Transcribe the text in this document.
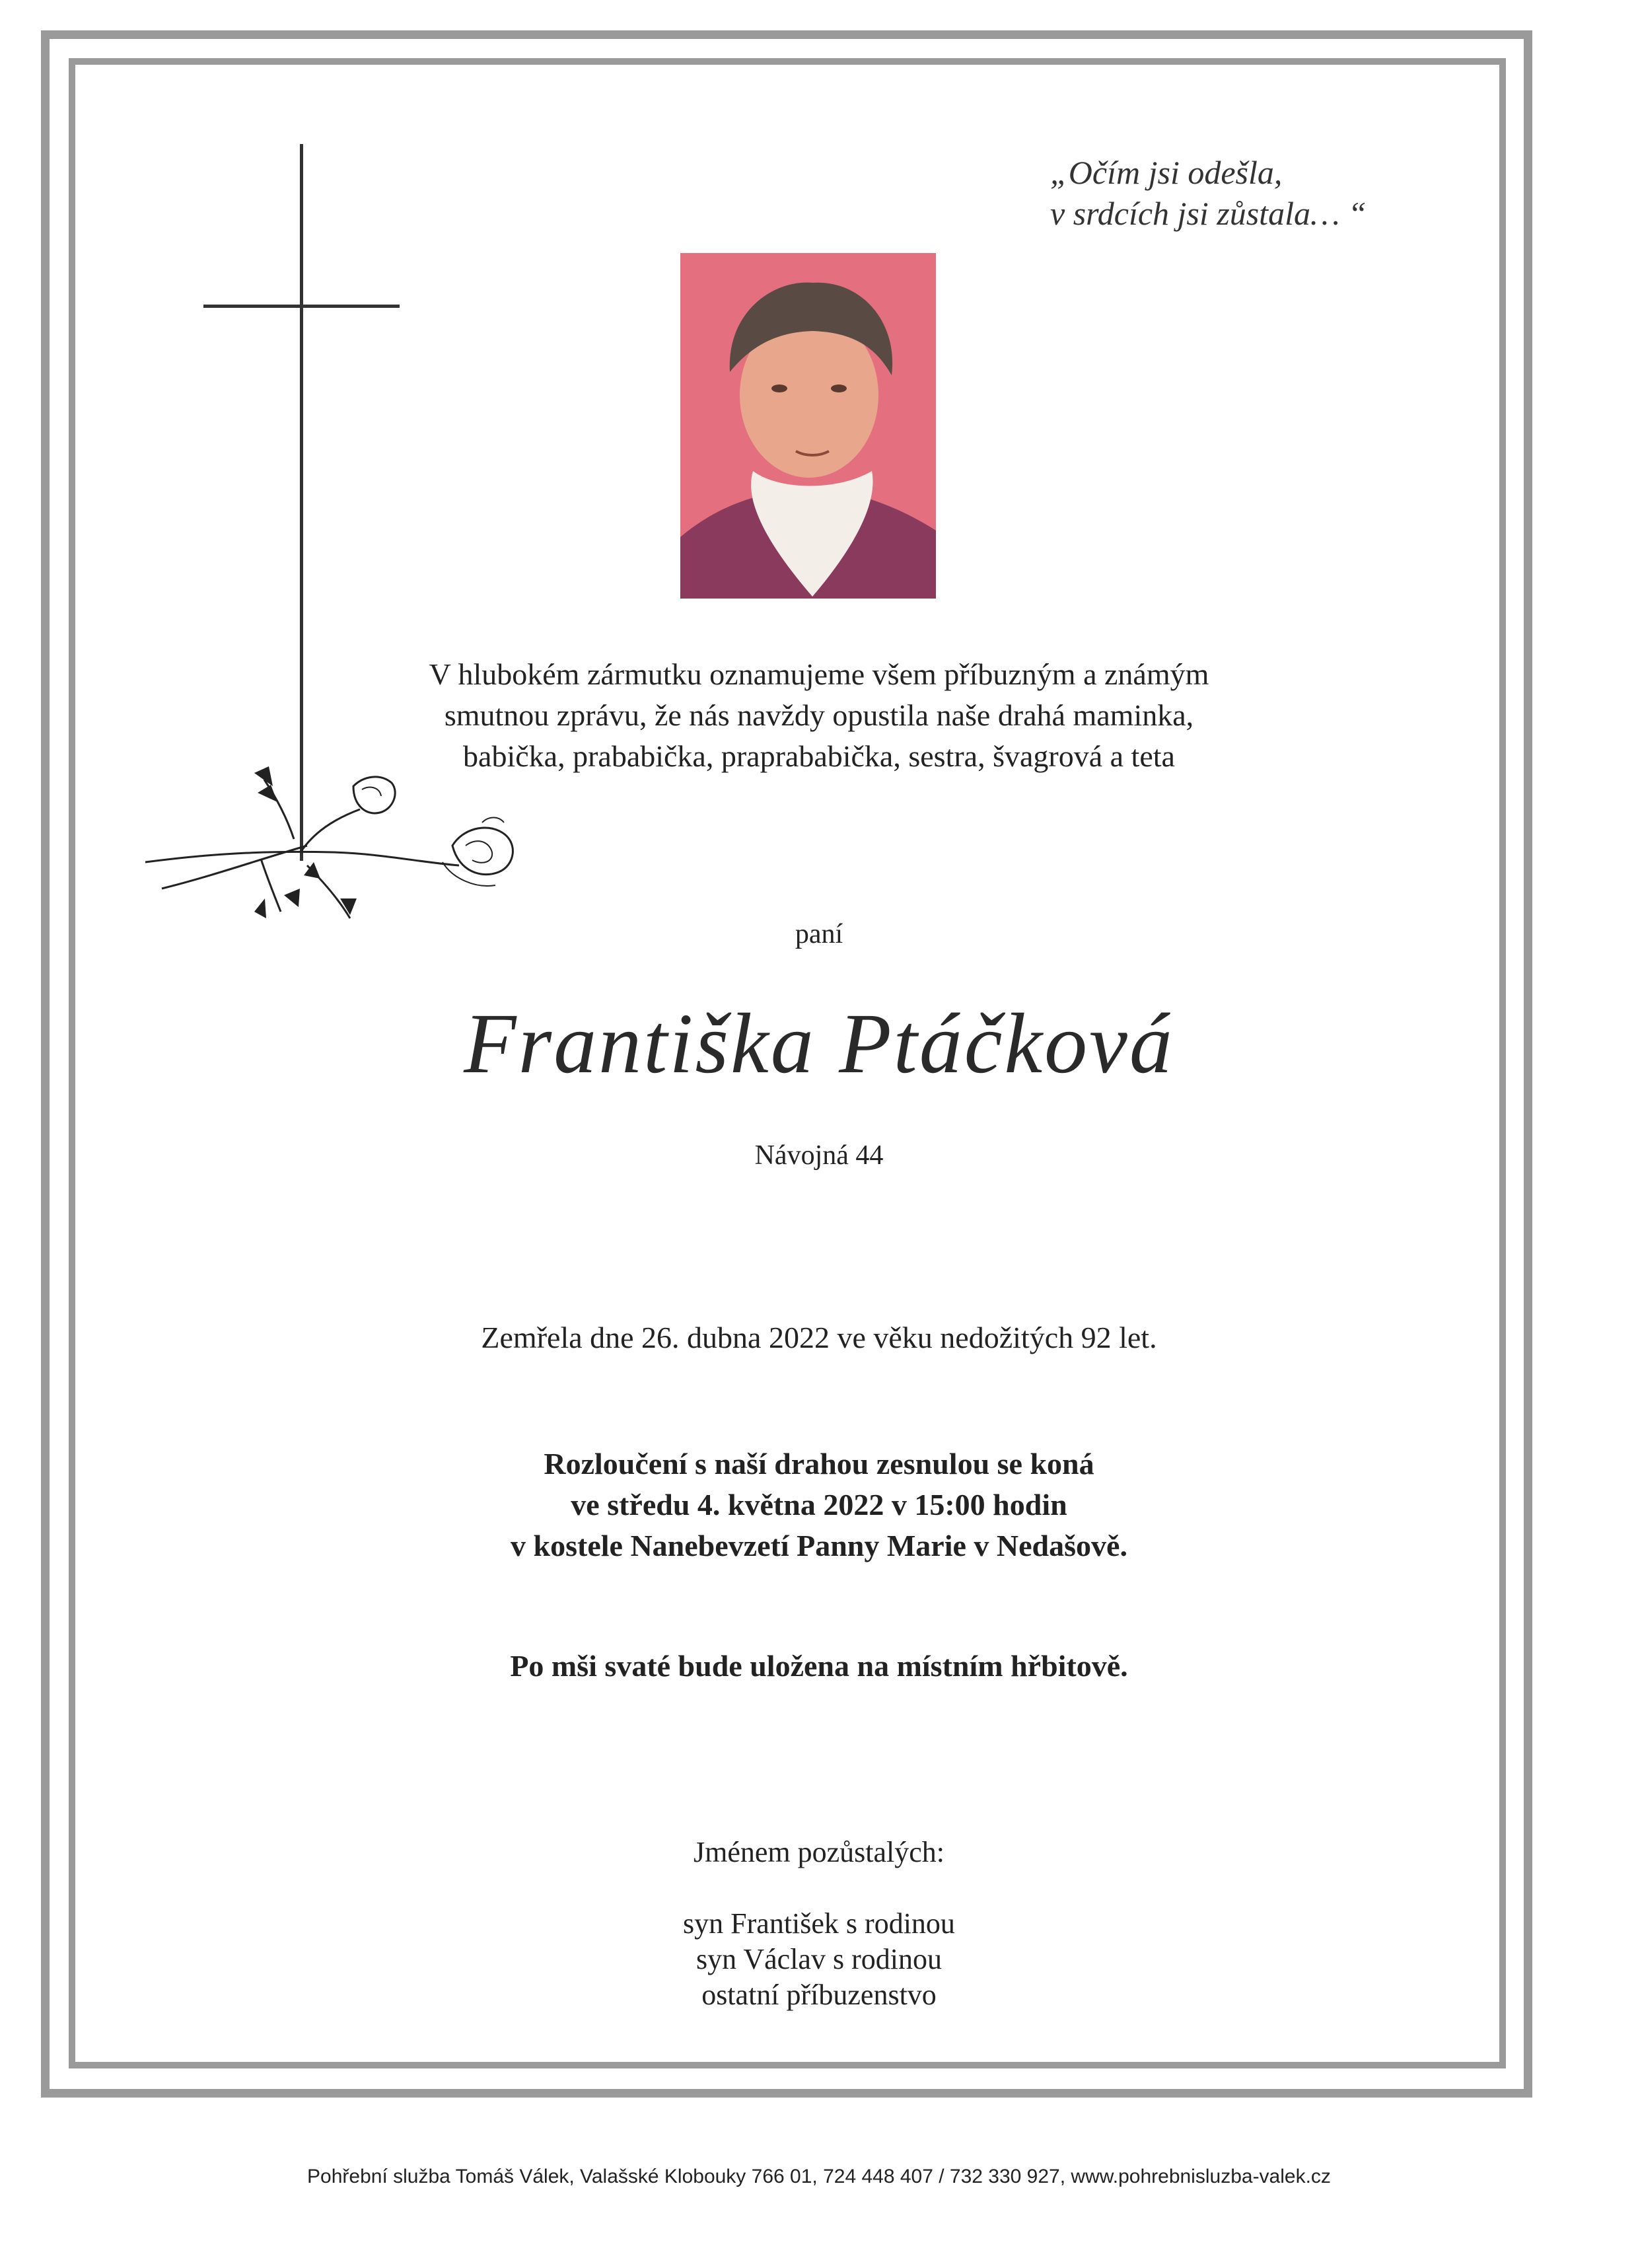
„Očím jsi odešla,
v srdcích jsi zůstala… “
V hlubokém zármutku oznamujeme všem příbuzným a známým
smutnou zprávu, že nás navždy opustila naše drahá maminka,
babička, prababička, praprababička, sestra, švagrová a teta
paní
Františka Ptáčková
Návojná 44
Zemřela dne 26. dubna 2022 ve věku nedožitých 92 let.
Rozloučení s naší drahou zesnulou se koná
ve středu 4. května 2022 v 15:00 hodin
v kostele Nanebevzetí Panny Marie v Nedašově.
Po mši svaté bude uložena na místním hřbitově.
Jménem pozůstalých:
syn František s rodinou
syn Václav s rodinou
ostatní příbuzenstvo
Pohřební služba Tomáš Válek, Valašské Klobouky 766 01, 724 448 407 / 732 330 927, www.pohrebnisluzba-valek.cz
